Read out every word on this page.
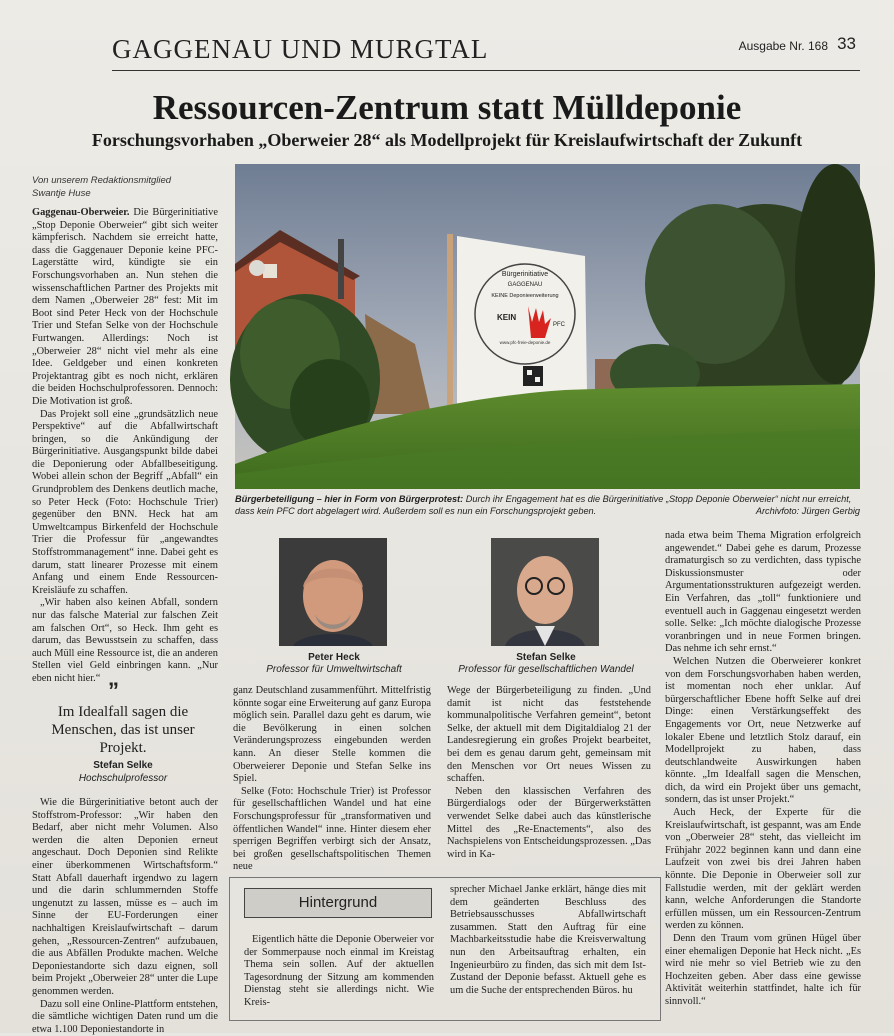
GAGGENAU UND MURGTAL	Ausgabe Nr. 168 33
Ressourcen-Zentrum statt Mülldeponie
Forschungsvorhaben „Oberweier 28“ als Modellprojekt für Kreislaufwirtschaft der Zukunft
Von unserem Redaktionsmitglied
Swantje Huse

Gaggenau-Oberweier. Die Bürgerinitiative „Stop Deponie Oberweier“ gibt sich weiter kämpferisch. Nachdem sie erreicht hatte, dass die Gaggenauer Deponie keine PFC-Lagerstätte wird, kündigte sie ein Forschungsvorhaben an. Nun stehen die wissenschaftlichen Partner des Projekts mit dem Namen „Oberweier 28“ fest: Mit im Boot sind Peter Heck von der Hochschule Trier und Stefan Selke von der Hochschule Furtwangen. Allerdings: Noch ist „Oberweier 28“ nicht viel mehr als eine Idee. Geldgeber und einen konkreten Projektantrag gibt es noch nicht, erklären die beiden Hochschulprofessoren. Dennoch: Die Motivation ist groß.

Das Projekt soll eine „grundsätzlich neue Perspektive“ auf die Abfallwirtschaft bringen, so die Ankündigung der Bürgerinitiative. Ausgangspunkt bilde dabei die Deponierung oder Abfallbeseitigung. Wobei allein schon der Begriff „Abfall“ ein Grundproblem des Denkens deutlich mache, so Peter Heck (Foto: Hochschule Trier) gegenüber den BNN. Heck hat am Umweltcampus Birkenfeld der Hochschule Trier die Professur für „angewandtes Stoffstrommanagement“ inne. Dabei geht es darum, statt linearer Prozesse mit einem Anfang und einem Ende Ressourcen-Kreisläufe zu schaffen.

„Wir haben also keinen Abfall, sondern nur das falsche Material zur falschen Zeit am falschen Ort“, so Heck. Ihm geht es darum, das Bewusstsein zu schaffen, dass auch Müll eine Ressource ist, die an anderen Stellen viel Geld einbringen kann. „Nur eben nicht hier.“ ”
Im Idealfall sagen die Menschen, das ist unser Projekt.
Stefan Selke
Hochschulprofessor

Wie die Bürgerinitiative betont auch der Stoffstrom-Professor: „Wir haben den Bedarf, aber nicht mehr Volumen. Also werden die alten Deponien erneut angeschaut. Doch Deponien sind Relikte einer überkommenen Wirtschaftsform.“ Statt Abfall dauerhaft irgendwo zu lagern und die darin schlummernden Stoffe ungenutzt zu lassen, müsse es – auch im Sinne der EU-Forderungen einer nachhaltigen Kreislaufwirtschaft – darum gehen, „Ressourcen-Zentren“ aufzubauen, die aus Abfällen Produkte machen. Welche Deponiestandorte sich dazu eignen, soll beim Projekt „Oberweier 28“ unter die Lupe genommen werden.

Dazu soll eine Online-Plattform entstehen, die sämtliche wichtigen Daten rund um die etwa 1.100 Deponiestandorte in

Bürgerinitiative
GAGGENAU
KEINE Deponieerweiterung
KEIN
PFC
www.pfc-freie-deponie.de
Bürgerbeteiligung – hier in Form von Bürgerprotest: Durch ihr Engagement hat es die Bürgerinitiative „Stopp Deponie Oberweier“ nicht nur erreicht, dass kein PFC dort abgelagert wird. Außerdem soll es nun ein Forschungsprojekt geben.	Archivfoto: Jürgen Gerbig
Peter Heck
Professor für Umweltwirtschaft
Stefan Selke
Professor für gesellschaftlichen Wandel

ganz Deutschland zusammenführt. Mittelfristig könnte sogar eine Erweiterung auf ganz Europa möglich sein. Parallel dazu geht es darum, wie die Bevölkerung in einen solchen Veränderungsprozess eingebunden werden kann. An dieser Stelle kommen die Oberweierer Deponie und Stefan Selke ins Spiel.

Selke (Foto: Hochschule Trier) ist Professor für gesellschaftlichen Wandel und hat eine Forschungsprofessur für „transformativen und öffentlichen Wandel“ inne. Hinter diesem eher sperrigen Begriffen verbirgt sich der Ansatz, bei großen gesellschaftspolitischen Themen neue

Wege der Bürgerbeteiligung zu finden. „Und damit ist nicht das feststehende kommunalpolitische Verfahren gemeint“, betont Selke, der aktuell mit dem Digitaldialog 21 der Landesregierung ein großes Projekt bearbeitet, bei dem es genau darum geht, gemeinsam mit den Menschen vor Ort neues Wissen zu schaffen.

Neben den klassischen Verfahren des Bürgerdialogs oder der Bürgerwerkstätten verwendet Selke dabei auch das künstlerische Mittel des „Re-Enactements“, also des Nachspielens von Entscheidungsprozessen. „Das wird in Ka-

nada etwa beim Thema Migration erfolgreich angewendet.“ Dabei gehe es darum, Prozesse dramaturgisch so zu verdichten, dass typische Diskussionsmuster oder Argumentationsstrukturen aufgezeigt werden. Ein Verfahren, das „toll“ funktioniere und eventuell auch in Gaggenau eingesetzt werden solle. Selke: „Ich möchte dialogische Prozesse voranbringen und in neue Formen bringen. Das nehme ich sehr ernst.“

Welchen Nutzen die Oberweierer konkret von dem Forschungsvorhaben haben werden, ist momentan noch eher unklar. Auf bürgerschaftlicher Ebene hofft Selke auf drei Dinge: einen Verstärkungseffekt des Engagements vor Ort, neue Netzwerke auf lokaler Ebene und letztlich Stolz darauf, ein Modellprojekt zu haben, dass deutschlandweite Auswirkungen haben könnte. „Im Idealfall sagen die Menschen, dich, da wird ein Projekt über uns gemacht, sondern, das ist unser Projekt.“

Auch Heck, der Experte für die Kreislaufwirtschaft, ist gespannt, was am Ende von „Oberweier 28“ steht, das vielleicht im Frühjahr 2022 beginnen kann und dann eine Laufzeit von zwei bis drei Jahren haben könnte. Die Deponie in Oberweier soll zur Fallstudie werden, mit der geklärt werden kann, welche Anforderungen die Standorte erfüllen müssen, um ein Ressourcen-Zentrum werden zu können.

Denn den Traum vom grünen Hügel über einer ehemaligen Deponie hat Heck nicht. „Es wird nie mehr so viel Betrieb wie zu den Hochzeiten geben. Aber dass eine gewisse Aktivität weiterhin stattfindet, halte ich für sinnvoll.“

Hintergrund
Eigentlich hätte die Deponie Oberweier vor der Sommerpause noch einmal im Kreistag Thema sein sollen. Auf der aktuellen Tagesordnung der Sitzung am kommenden Dienstag steht sie allerdings nicht. Wie Kreis-
sprecher Michael Janke erklärt, hänge dies mit dem geänderten Beschluss des Betriebsausschusses Abfallwirtschaft zusammen. Statt den Auftrag für eine Machbarkeitsstudie habe die Kreisverwaltung nun den Arbeitsauftrag erhalten, ein Ingenieurbüro zu finden, das sich mit dem Ist-Zustand der Deponie befasst. Aktuell gehe es um die Suche der entsprechenden Büros. hu
